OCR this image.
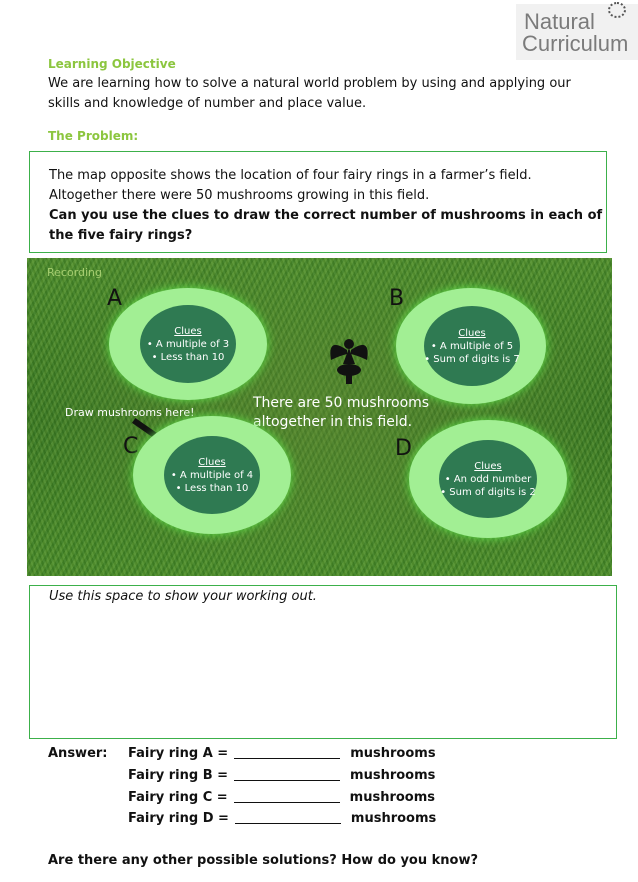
Natural
Curriculum
Learning Objective
We are learning how to solve a natural world problem by using and applying our skills and knowledge of number and place value.
The Problem:
The map opposite shows the location of four fairy rings in a farmer’s field.
Altogether there were 50 mushrooms growing in this field.
Can you use the clues to draw the correct number of mushrooms in each of the five fairy rings?
Recording
A
Clues
• A multiple of 3
• Less than 10
B
Clues
• A multiple of 5
• Sum of digits is 7
There are 50 mushrooms
altogether in this field.
Draw mushrooms here!
C
Clues
• A multiple of 4
• Less than 10
D
Clues
• An odd number
• Sum of digits is 2
Use this space to show your working out.
Answer: Fairy ring A =	mushrooms
Fairy ring B =	mushrooms
Fairy ring C =	mushrooms
Fairy ring D =	mushrooms
Are there any other possible solutions? How do you know?
